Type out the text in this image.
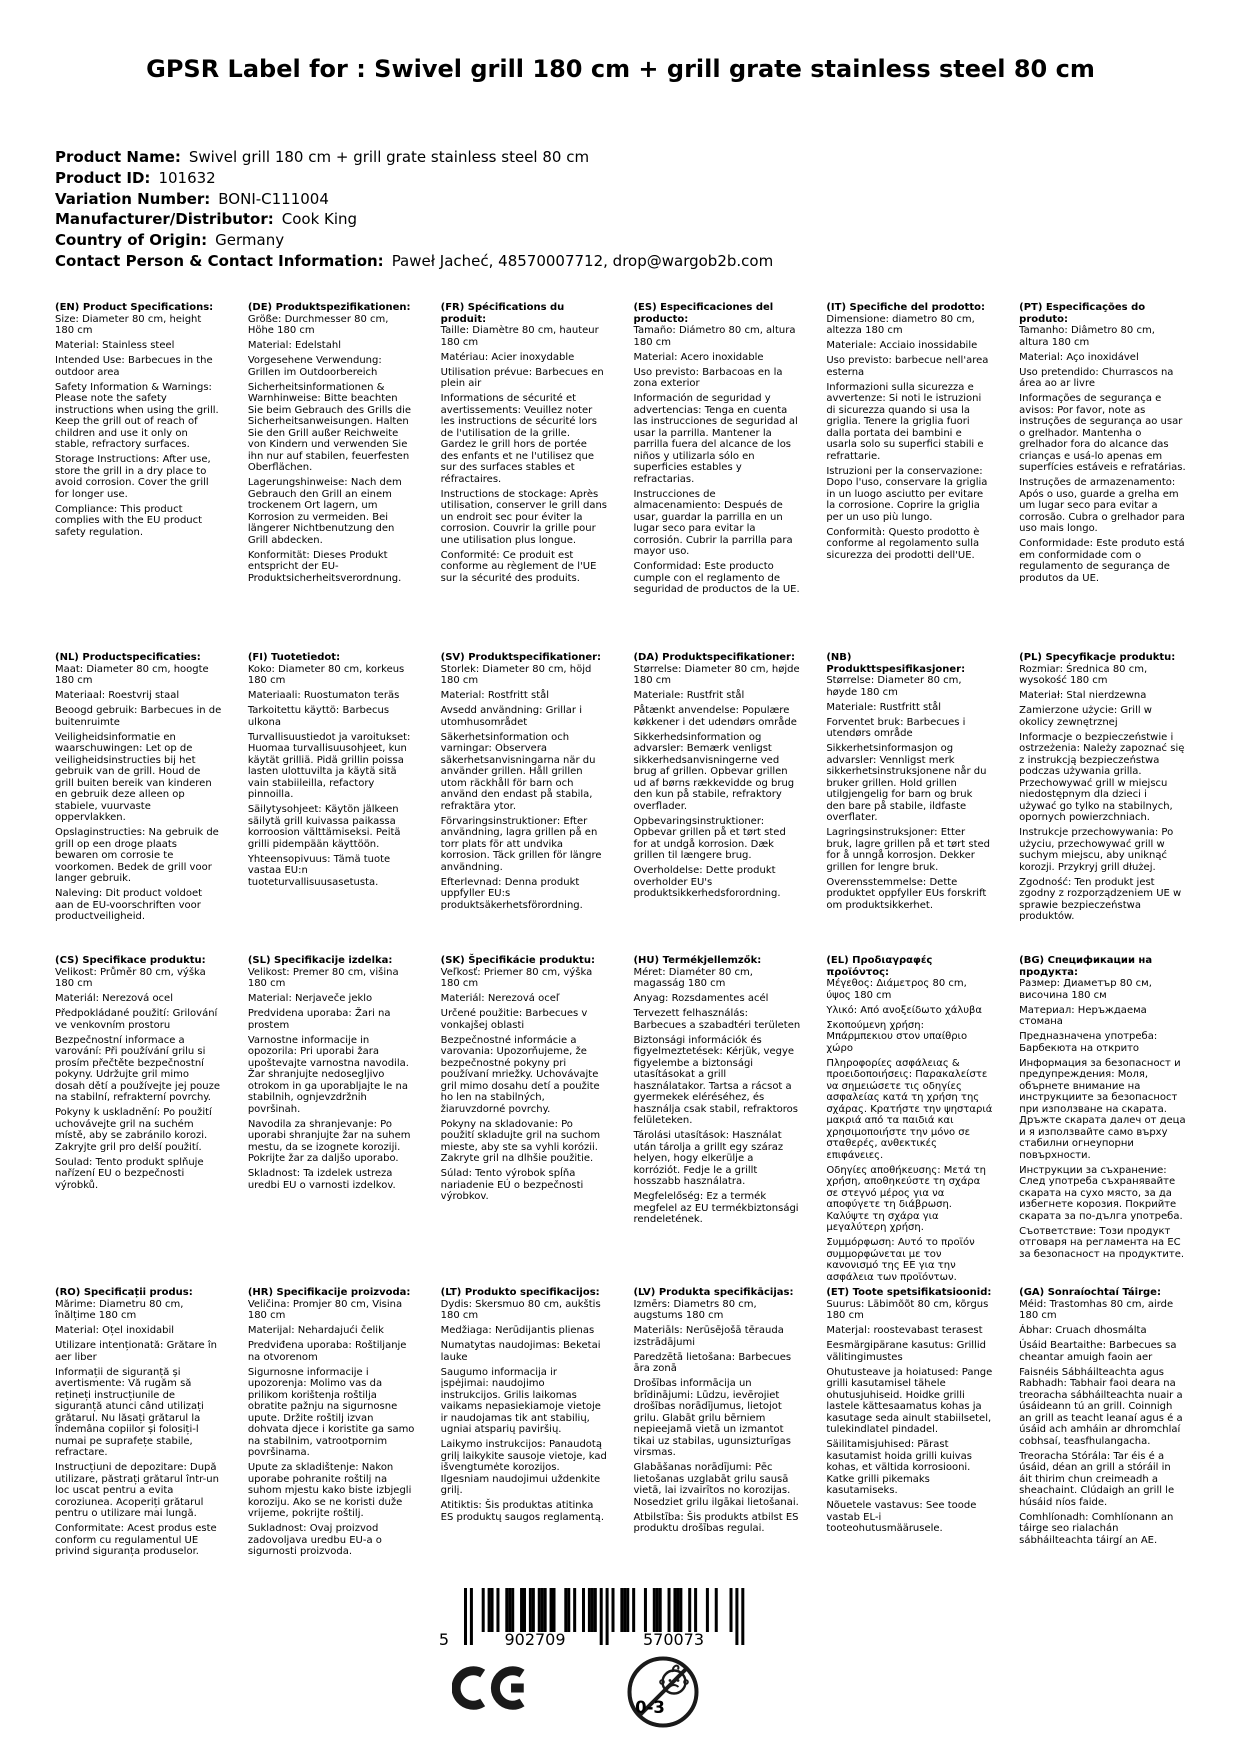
GPSR Label for : Swivel grill 180 cm + grill grate stainless steel 80 cm
Product Name: Swivel grill 180 cm + grill grate stainless steel 80 cm
Product ID: 101632
Variation Number: BONI-C111004
Manufacturer/Distributor: Cook King
Country of Origin: Germany
Contact Person & Contact Information: Paweł Jacheć, 48570007712, drop@wargob2b.com
(EN) Product Specifications:

Size: Diameter 80 cm, height 180 cm

Material: Stainless steel

Intended Use: Barbecues in the outdoor area

Safety Information & Warnings: Please note the safety instructions when using the grill. Keep the grill out of reach of children and use it only on stable, refractory surfaces.

Storage Instructions: After use, store the grill in a dry place to avoid corrosion. Cover the grill for longer use.

Compliance: This product complies with the EU product safety regulation.

(DE) Produktspezifikationen:

Größe: Durchmesser 80 cm, Höhe 180 cm

Material: Edelstahl

Vorgesehene Verwendung: Grillen im Outdoorbereich

Sicherheitsinformationen & Warnhinweise: Bitte beachten Sie beim Gebrauch des Grills die Sicherheitsanweisungen. Halten Sie den Grill außer Reichweite von Kindern und verwenden Sie ihn nur auf stabilen, feuerfesten Oberflächen.

Lagerungshinweise: Nach dem Gebrauch den Grill an einem trockenem Ort lagern, um Korrosion zu vermeiden. Bei längerer Nichtbenutzung den Grill abdecken.

Konformität: Dieses Produkt entspricht der EU-Produktsicherheitsverordnung.

(FR) Spécifications du produit:

Taille: Diamètre 80 cm, hauteur 180 cm

Matériau: Acier inoxydable

Utilisation prévue: Barbecues en plein air

Informations de sécurité et avertissements: Veuillez noter les instructions de sécurité lors de l'utilisation de la grille. Gardez le grill hors de portée des enfants et ne l'utilisez que sur des surfaces stables et réfractaires.

Instructions de stockage: Après utilisation, conserver le grill dans un endroit sec pour éviter la corrosion. Couvrir la grille pour une utilisation plus longue.

Conformité: Ce produit est conforme au règlement de l'UE sur la sécurité des produits.

(ES) Especificaciones del producto:

Tamaño: Diámetro 80 cm, altura 180 cm

Material: Acero inoxidable

Uso previsto: Barbacoas en la zona exterior

Información de seguridad y advertencias: Tenga en cuenta las instrucciones de seguridad al usar la parrilla. Mantener la parrilla fuera del alcance de los niños y utilizarla sólo en superficies estables y refractarias.

Instrucciones de almacenamiento: Después de usar, guardar la parrilla en un lugar seco para evitar la corrosión. Cubrir la parrilla para mayor uso.

Conformidad: Este producto cumple con el reglamento de seguridad de productos de la UE.

(IT) Specifiche del prodotto:

Dimensione: diametro 80 cm, altezza 180 cm

Materiale: Acciaio inossidabile

Uso previsto: barbecue nell'area esterna

Informazioni sulla sicurezza e avvertenze: Si noti le istruzioni di sicurezza quando si usa la griglia. Tenere la griglia fuori dalla portata dei bambini e usarla solo su superfici stabili e refrattarie.

Istruzioni per la conservazione: Dopo l'uso, conservare la griglia in un luogo asciutto per evitare la corrosione. Coprire la griglia per un uso più lungo.

Conformità: Questo prodotto è conforme al regolamento sulla sicurezza dei prodotti dell'UE.

(PT) Especificações do produto:

Tamanho: Diâmetro 80 cm, altura 180 cm

Material: Aço inoxidável

Uso pretendido: Churrascos na área ao ar livre

Informações de segurança e avisos: Por favor, note as instruções de segurança ao usar o grelhador. Mantenha o grelhador fora do alcance das crianças e usá-lo apenas em superfícies estáveis e refratárias.

Instruções de armazenamento: Após o uso, guarde a grelha em um lugar seco para evitar a corrosão. Cubra o grelhador para uso mais longo.

Conformidade: Este produto está em conformidade com o regulamento de segurança de produtos da UE.

(NL) Productspecificaties:

Maat: Diameter 80 cm, hoogte 180 cm

Materiaal: Roestvrij staal

Beoogd gebruik: Barbecues in de buitenruimte

Veiligheidsinformatie en waarschuwingen: Let op de veiligheidsinstructies bij het gebruik van de grill. Houd de grill buiten bereik van kinderen en gebruik deze alleen op stabiele, vuurvaste oppervlakken.

Opslaginstructies: Na gebruik de grill op een droge plaats bewaren om corrosie te voorkomen. Bedek de grill voor langer gebruik.

Naleving: Dit product voldoet aan de EU-voorschriften voor productveiligheid.

(FI) Tuotetiedot:

Koko: Diameter 80 cm, korkeus 180 cm

Materiaali: Ruostumaton teräs

Tarkoitettu käyttö: Barbecus ulkona

Turvallisuustiedot ja varoitukset: Huomaa turvallisuusohjeet, kun käytät grilliä. Pidä grillin poissa lasten ulottuvilta ja käytä sitä vain stabiileilla, refactory pinnoilla.

Säilytysohjeet: Käytön jälkeen säilytä grill kuivassa paikassa korroosion välttämiseksi. Peitä grilli pidempään käyttöön.

Yhteensopivuus: Tämä tuote vastaa EU:n tuoteturvallisuusasetusta.

(SV) Produktspecifikationer:

Storlek: Diameter 80 cm, höjd 180 cm

Material: Rostfritt stål

Avsedd användning: Grillar i utomhusområdet

Säkerhetsinformation och varningar: Observera säkerhetsanvisningarna när du använder grillen. Håll grillen utom räckhåll för barn och använd den endast på stabila, refraktära ytor.

Förvaringsinstruktioner: Efter användning, lagra grillen på en torr plats för att undvika korrosion. Täck grillen för längre användning.

Efterlevnad: Denna produkt uppfyller EU:s produktsäkerhetsförordning.

(DA) Produktspecifikationer:

Størrelse: Diameter 80 cm, højde 180 cm

Materiale: Rustfrit stål

Påtænkt anvendelse: Populære køkkener i det udendørs område

Sikkerhedsinformation og advarsler: Bemærk venligst sikkerhedsanvisningerne ved brug af grillen. Opbevar grillen ud af børns rækkevidde og brug den kun på stabile, refraktory overflader.

Opbevaringsinstruktioner: Opbevar grillen på et tørt sted for at undgå korrosion. Dæk grillen til længere brug.

Overholdelse: Dette produkt overholder EU's produktsikkerhedsforordning.

(NB) Produkttspesifikasjoner:

Størrelse: Diameter 80 cm, høyde 180 cm

Materiale: Rustfritt stål

Forventet bruk: Barbecues i utendørs område

Sikkerhetsinformasjon og advarsler: Vennligst merk sikkerhetsinstruksjonene når du bruker grillen. Hold grillen utilgjengelig for barn og bruk den bare på stabile, ildfaste overflater.

Lagringsinstruksjoner: Etter bruk, lagre grillen på et tørt sted for å unngå korrosjon. Dekker grillen for lengre bruk.

Overensstemmelse: Dette produktet oppfyller EUs forskrift om produktsikkerhet.

(PL) Specyfikacje produktu:

Rozmiar: Średnica 80 cm, wysokość 180 cm

Materiał: Stal nierdzewna

Zamierzone użycie: Grill w okolicy zewnętrznej

Informacje o bezpieczeństwie i ostrzeżenia: Należy zapoznać się z instrukcją bezpieczeństwa podczas używania grilla. Przechowywać grill w miejscu niedostępnym dla dzieci i używać go tylko na stabilnych, opornych powierzchniach.

Instrukcje przechowywania: Po użyciu, przechowywać grill w suchym miejscu, aby uniknąć korozji. Przykryj grill dłużej.

Zgodność: Ten produkt jest zgodny z rozporządzeniem UE w sprawie bezpieczeństwa produktów.

(CS) Specifikace produktu:

Velikost: Průměr 80 cm, výška 180 cm

Materiál: Nerezová ocel

Předpokládané použití: Grilování ve venkovním prostoru

Bezpečnostní informace a varování: Při používání grilu si prosím přečtěte bezpečnostní pokyny. Udržujte gril mimo dosah dětí a používejte jej pouze na stabilní, refrakterní povrchy.

Pokyny k uskladnění: Po použití uchovávejte gril na suchém místě, aby se zabránilo korozi. Zakryjte gril pro delší použití.

Soulad: Tento produkt splňuje nařízení EU o bezpečnosti výrobků.

(SL) Specifikacije izdelka:

Velikost: Premer 80 cm, višina 180 cm

Material: Nerjaveče jeklo

Predvidena uporaba: Žari na prostem

Varnostne informacije in opozorila: Pri uporabi žara upoštevajte varnostna navodila. Žar shranjujte nedosegljivo otrokom in ga uporabljajte le na stabilnih, ognjevzdržnih površinah.

Navodila za shranjevanje: Po uporabi shranjujte žar na suhem mestu, da se izognete koroziji. Pokrijte žar za daljšo uporabo.

Skladnost: Ta izdelek ustreza uredbi EU o varnosti izdelkov.

(SK) Špecifikácie produktu:

Veľkosť: Priemer 80 cm, výška 180 cm

Materiál: Nerezová oceľ

Určené použitie: Barbecues v vonkajšej oblasti

Bezpečnostné informácie a varovania: Upozorňujeme, že bezpečnostné pokyny pri používaní mriežky. Uchovávajte gril mimo dosahu detí a použite ho len na stabilných, žiaruvzdorné povrchy.

Pokyny na skladovanie: Po použití skladujte gril na suchom mieste, aby ste sa vyhli korózii. Zakryte gril na dlhšie použitie.

Súlad: Tento výrobok spĺňa nariadenie EÚ o bezpečnosti výrobkov.

(HU) Termékjellemzők:

Méret: Diaméter 80 cm, magasság 180 cm

Anyag: Rozsdamentes acél

Tervezett felhasználás: Barbecues a szabadtéri területen

Biztonsági információk és figyelmeztetések: Kérjük, vegye figyelembe a biztonsági utasításokat a grill használatakor. Tartsa a rácsot a gyermekek eléréséhez, és használja csak stabil, refraktoros felületeken.

Tárolási utasítások: Használat után tárolja a grillt egy száraz helyen, hogy elkerülje a korróziót. Fedje le a grillt hosszabb használatra.

Megfelelőség: Ez a termék megfelel az EU termékbiztonsági rendeletének.

(EL) Προδιαγραφές προϊόντος:

Μέγεθος: Διάμετρος 80 cm, ύψος 180 cm

Υλικό: Από ανοξείδωτο χάλυβα

Σκοπούμενη χρήση: Μπάρμπεκιου στον υπαίθριο χώρο

Πληροφορίες ασφάλειας & προειδοποιήσεις: Παρακαλείστε να σημειώσετε τις οδηγίες ασφαλείας κατά τη χρήση της σχάρας. Κρατήστε την ψησταριά μακριά από τα παιδιά και χρησιμοποιήστε την μόνο σε σταθερές, ανθεκτικές επιφάνειες.

Οδηγίες αποθήκευσης: Μετά τη χρήση, αποθηκεύστε τη σχάρα σε στεγνό μέρος για να αποφύγετε τη διάβρωση. Καλύψτε τη σχάρα για μεγαλύτερη χρήση.

Συμμόρφωση: Αυτό το προϊόν συμμορφώνεται με τον κανονισμό της ΕΕ για την ασφάλεια των προϊόντων.

(BG) Спецификации на продукта:

Размер: Диаметър 80 см, височина 180 см

Материал: Неръждаема стомана

Предназначена употреба: Барбекюта на открито

Информация за безопасност и предупреждения: Моля, обърнете внимание на инструкциите за безопасност при използване на скарата. Дръжте скарата далеч от деца и я използвайте само върху стабилни огнеупорни повърхности.

Инструкции за съхранение: След употреба съхранявайте скарата на сухо място, за да избегнете корозия. Покрийте скарата за по-дълга употреба.

Съответствие: Този продукт отговаря на регламента на ЕС за безопасност на продуктите.

(RO) Specificații produs:

Mărime: Diametru 80 cm, înălțime 180 cm

Material: Oțel inoxidabil

Utilizare intenționată: Grătare în aer liber

Informații de siguranță și avertismente: Vă rugăm să rețineți instrucțiunile de siguranță atunci când utilizați grătarul. Nu lăsați grătarul la îndemâna copiilor și folosiți-l numai pe suprafețe stabile, refractare.

Instrucțiuni de depozitare: După utilizare, păstrați grătarul într-un loc uscat pentru a evita coroziunea. Acoperiți grătarul pentru o utilizare mai lungă.

Conformitate: Acest produs este conform cu regulamentul UE privind siguranța produselor.

(HR) Specifikacije proizvoda:

Veličina: Promjer 80 cm, Visina 180 cm

Materijal: Nehardajući čelik

Predviđena uporaba: Roštiljanje na otvorenom

Sigurnosne informacije i upozorenja: Molimo vas da prilikom korištenja roštilja obratite pažnju na sigurnosne upute. Držite roštilj izvan dohvata djece i koristite ga samo na stabilnim, vatrootpornim površinama.

Upute za skladištenje: Nakon uporabe pohranite roštilj na suhom mjestu kako biste izbjegli koroziju. Ako se ne koristi duže vrijeme, pokrijte roštilj.

Sukladnost: Ovaj proizvod zadovoljava uredbu EU-a o sigurnosti proizvoda.

(LT) Produkto specifikacijos:

Dydis: Skersmuo 80 cm, aukštis 180 cm

Medžiaga: Nerūdijantis plienas

Numatytas naudojimas: Beketai lauke

Saugumo informacija ir įspėjimai: naudojimo instrukcijos. Grilis laikomas vaikams nepasiekiamoje vietoje ir naudojamas tik ant stabilių, ugniai atsparių paviršių.

Laikymo instrukcijos: Panaudotą grilį laikykite sausoje vietoje, kad išvengtumėte korozijos. Ilgesniam naudojimui uždenkite grilį.

Atitiktis: Šis produktas atitinka ES produktų saugos reglamentą.

(LV) Produkta specifikācijas:

Izmērs: Diametrs 80 cm, augstums 180 cm

Materiāls: Nerūsējošā tērauda izstrādājumi

Paredzētā lietošana: Barbecues āra zonā

Drošības informācija un brīdinājumi: Lūdzu, ievērojiet drošības norādījumus, lietojot grilu. Glabāt grilu bērniem nepieejamā vietā un izmantot tikai uz stabilas, ugunsizturīgas virsmas.

Glabāšanas norādījumi: Pēc lietošanas uzglabāt grilu sausā vietā, lai izvairītos no korozijas. Nosedziet grilu ilgākai lietošanai.

Atbilstība: Šis produkts atbilst ES produktu drošības regulai.

(ET) Toote spetsifikatsioonid:

Suurus: Läbimõõt 80 cm, kõrgus 180 cm

Materjal: roostevabast terasest

Eesmärgipärane kasutus: Grillid välitingimustes

Ohutusteave ja hoiatused: Pange grilli kasutamisel tähele ohutusjuhiseid. Hoidke grilli lastele kättesaamatus kohas ja kasutage seda ainult stabiilsetel, tulekindlatel pindadel.

Säilitamisjuhised: Pärast kasutamist hoida grilli kuivas kohas, et vältida korrosiooni. Katke grilli pikemaks kasutamiseks.

Nõuetele vastavus: See toode vastab EL-i tooteohutusmäärusele.

(GA) Sonraíochtaí Táirge:

Méid: Trastomhas 80 cm, airde 180 cm

Ábhar: Cruach dhosmálta

Úsáid Beartaithe: Barbecues sa cheantar amuigh faoin aer

Faisnéis Sábháilteachta agus Rabhadh: Tabhair faoi deara na treoracha sábháilteachta nuair a úsáideann tú an grill. Coinnigh an grill as teacht leanaí agus é a úsáid ach amháin ar dhromchlaí cobhsaí, teasfhulangacha.

Treoracha Stórála: Tar éis é a úsáid, déan an grill a stóráil in áit thirim chun creimeadh a sheachaint. Clúdaigh an grill le húsáid níos faide.

Comhlíonadh: Comhlíonann an táirge seo rialachán sábháilteachta táirgí an AE.

5	902709	570073
0-3
